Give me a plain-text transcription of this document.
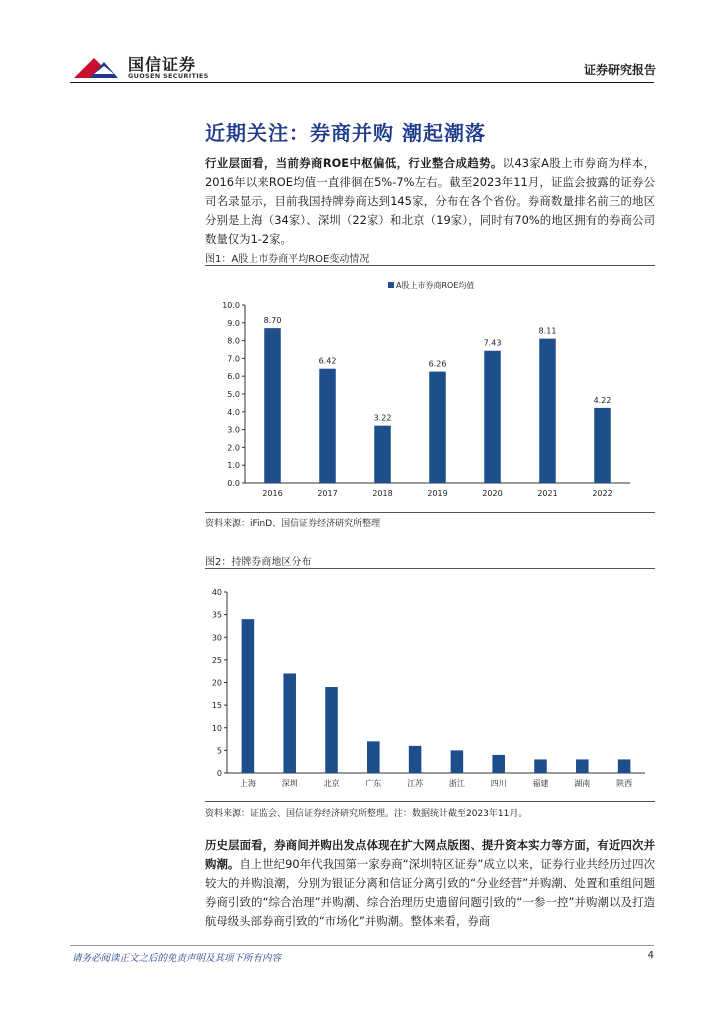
国信证券
GUOSEN SECURITIES	证券研究报告
近期关注：券商并购 潮起潮落
行业层面看，当前券商ROE中枢偏低，行业整合成趋势。以43家A股上市券商为样本，2016年以来ROE均值一直徘徊在5%-7%左右。截至2023年11月，证监会披露的证券公司名录显示，目前我国持牌券商达到145家，分布在各个省份。券商数量排名前三的地区分别是上海（34家）、深圳（22家）和北京（19家），同时有70%的地区拥有的券商公司数量仅为1-2家。
图1：A股上市券商平均ROE变动情况
0.0
1.0
2.0
3.0
4.0
5.0
6.0
7.0
8.0
9.0
10.0
8.70
6.42
3.22
6.26
7.43
8.11
4.22
2016	2017	2018	2019	2020	2021	2022
A股上市券商ROE均值
资料来源：iFinD、国信证券经济研究所整理
图2：持牌券商地区分布
0
5
10
15
20
25
30
35
40
上海	深圳	北京	广东	江苏	浙江	四川	福建	湖南	陕西
资料来源：证监会、国信证券经济研究所整理。注：数据统计截至2023年11月。
历史层面看，券商间并购出发点体现在扩大网点版图、提升资本实力等方面，有近四次并购潮。自上世纪90年代我国第一家券商“深圳特区证券”成立以来，证券行业共经历过四次较大的并购浪潮，分别为银证分离和信证分离引致的“分业经营”并购潮、处置和重组问题券商引致的“综合治理”并购潮、综合治理历史遗留问题引致的“一参一控”并购潮以及打造航母级头部券商引致的“市场化”并购潮。整体来看，券商
请务必阅读正文之后的免责声明及其项下所有内容	4
